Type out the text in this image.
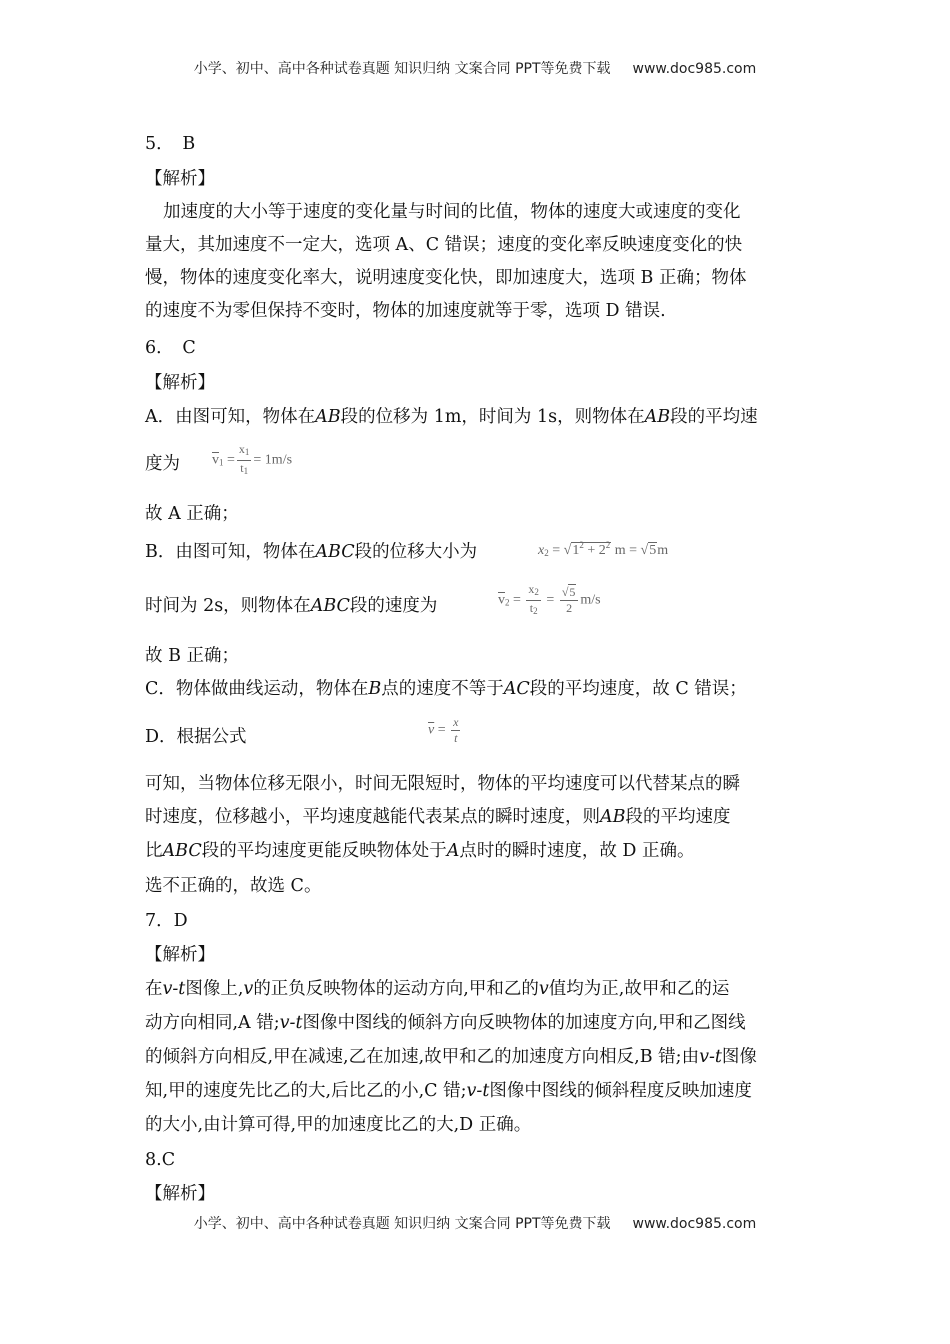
小学、初中、高中各种试卷真题 知识归纳 文案合同 PPT等免费下载 www.doc985.com
5．　B
【解析】
加速度的大小等于速度的变化量与时间的比值，物体的速度大或速度的变化
量大，其加速度不一定大，选项 A、C 错误；速度的变化率反映速度变化的快
慢，物体的速度变化率大，说明速度变化快，即加速度大，选项 B 正确；物体
的速度不为零但保持不变时，物体的加速度就等于零，选项 D 错误.
6．　C
【解析】
A．由图可知，物体在AB段的位移为 1m，时间为 1s，则物体在AB段的平均速
度为 $\overline{v}_1 = \frac{x_1}{t_1} = 1m/s$
故 A 正确；
B．由图可知，物体在ABC段的位移大小为	$x_2 = √1^2 + 2^2$ m = √5m
时间为 2s，则物体在ABC段的速度为	$\overline{v}_2 = \frac{x_2}{t_2} = \frac{√5}{2} m/s$
故 B 正确；
C．物体做曲线运动，物体在B点的速度不等于AC段的平均速度，故 C 错误；
D．根据公式	$\overline{v} = \frac{x}{t}$
可知，当物体位移无限小，时间无限短时，物体的平均速度可以代替某点的瞬
时速度，位移越小，平均速度越能代表某点的瞬时速度，则AB段的平均速度
比ABC段的平均速度更能反映物体处于A点时的瞬时速度，故 D 正确。
选不正确的，故选 C。
7．D
【解析】
在v-t图像上,v的正负反映物体的运动方向,甲和乙的v值均为正,故甲和乙的运
动方向相同,A 错;v-t图像中图线的倾斜方向反映物体的加速度方向,甲和乙图线
的倾斜方向相反,甲在减速,乙在加速,故甲和乙的加速度方向相反,B 错;由v-t图像
知,甲的速度先比乙的大,后比乙的小,C 错;v-t图像中图线的倾斜程度反映加速度
的大小,由计算可得,甲的加速度比乙的大,D 正确。
8.C
【解析】
小学、初中、高中各种试卷真题 知识归纳 文案合同 PPT等免费下载 www.doc985.com
